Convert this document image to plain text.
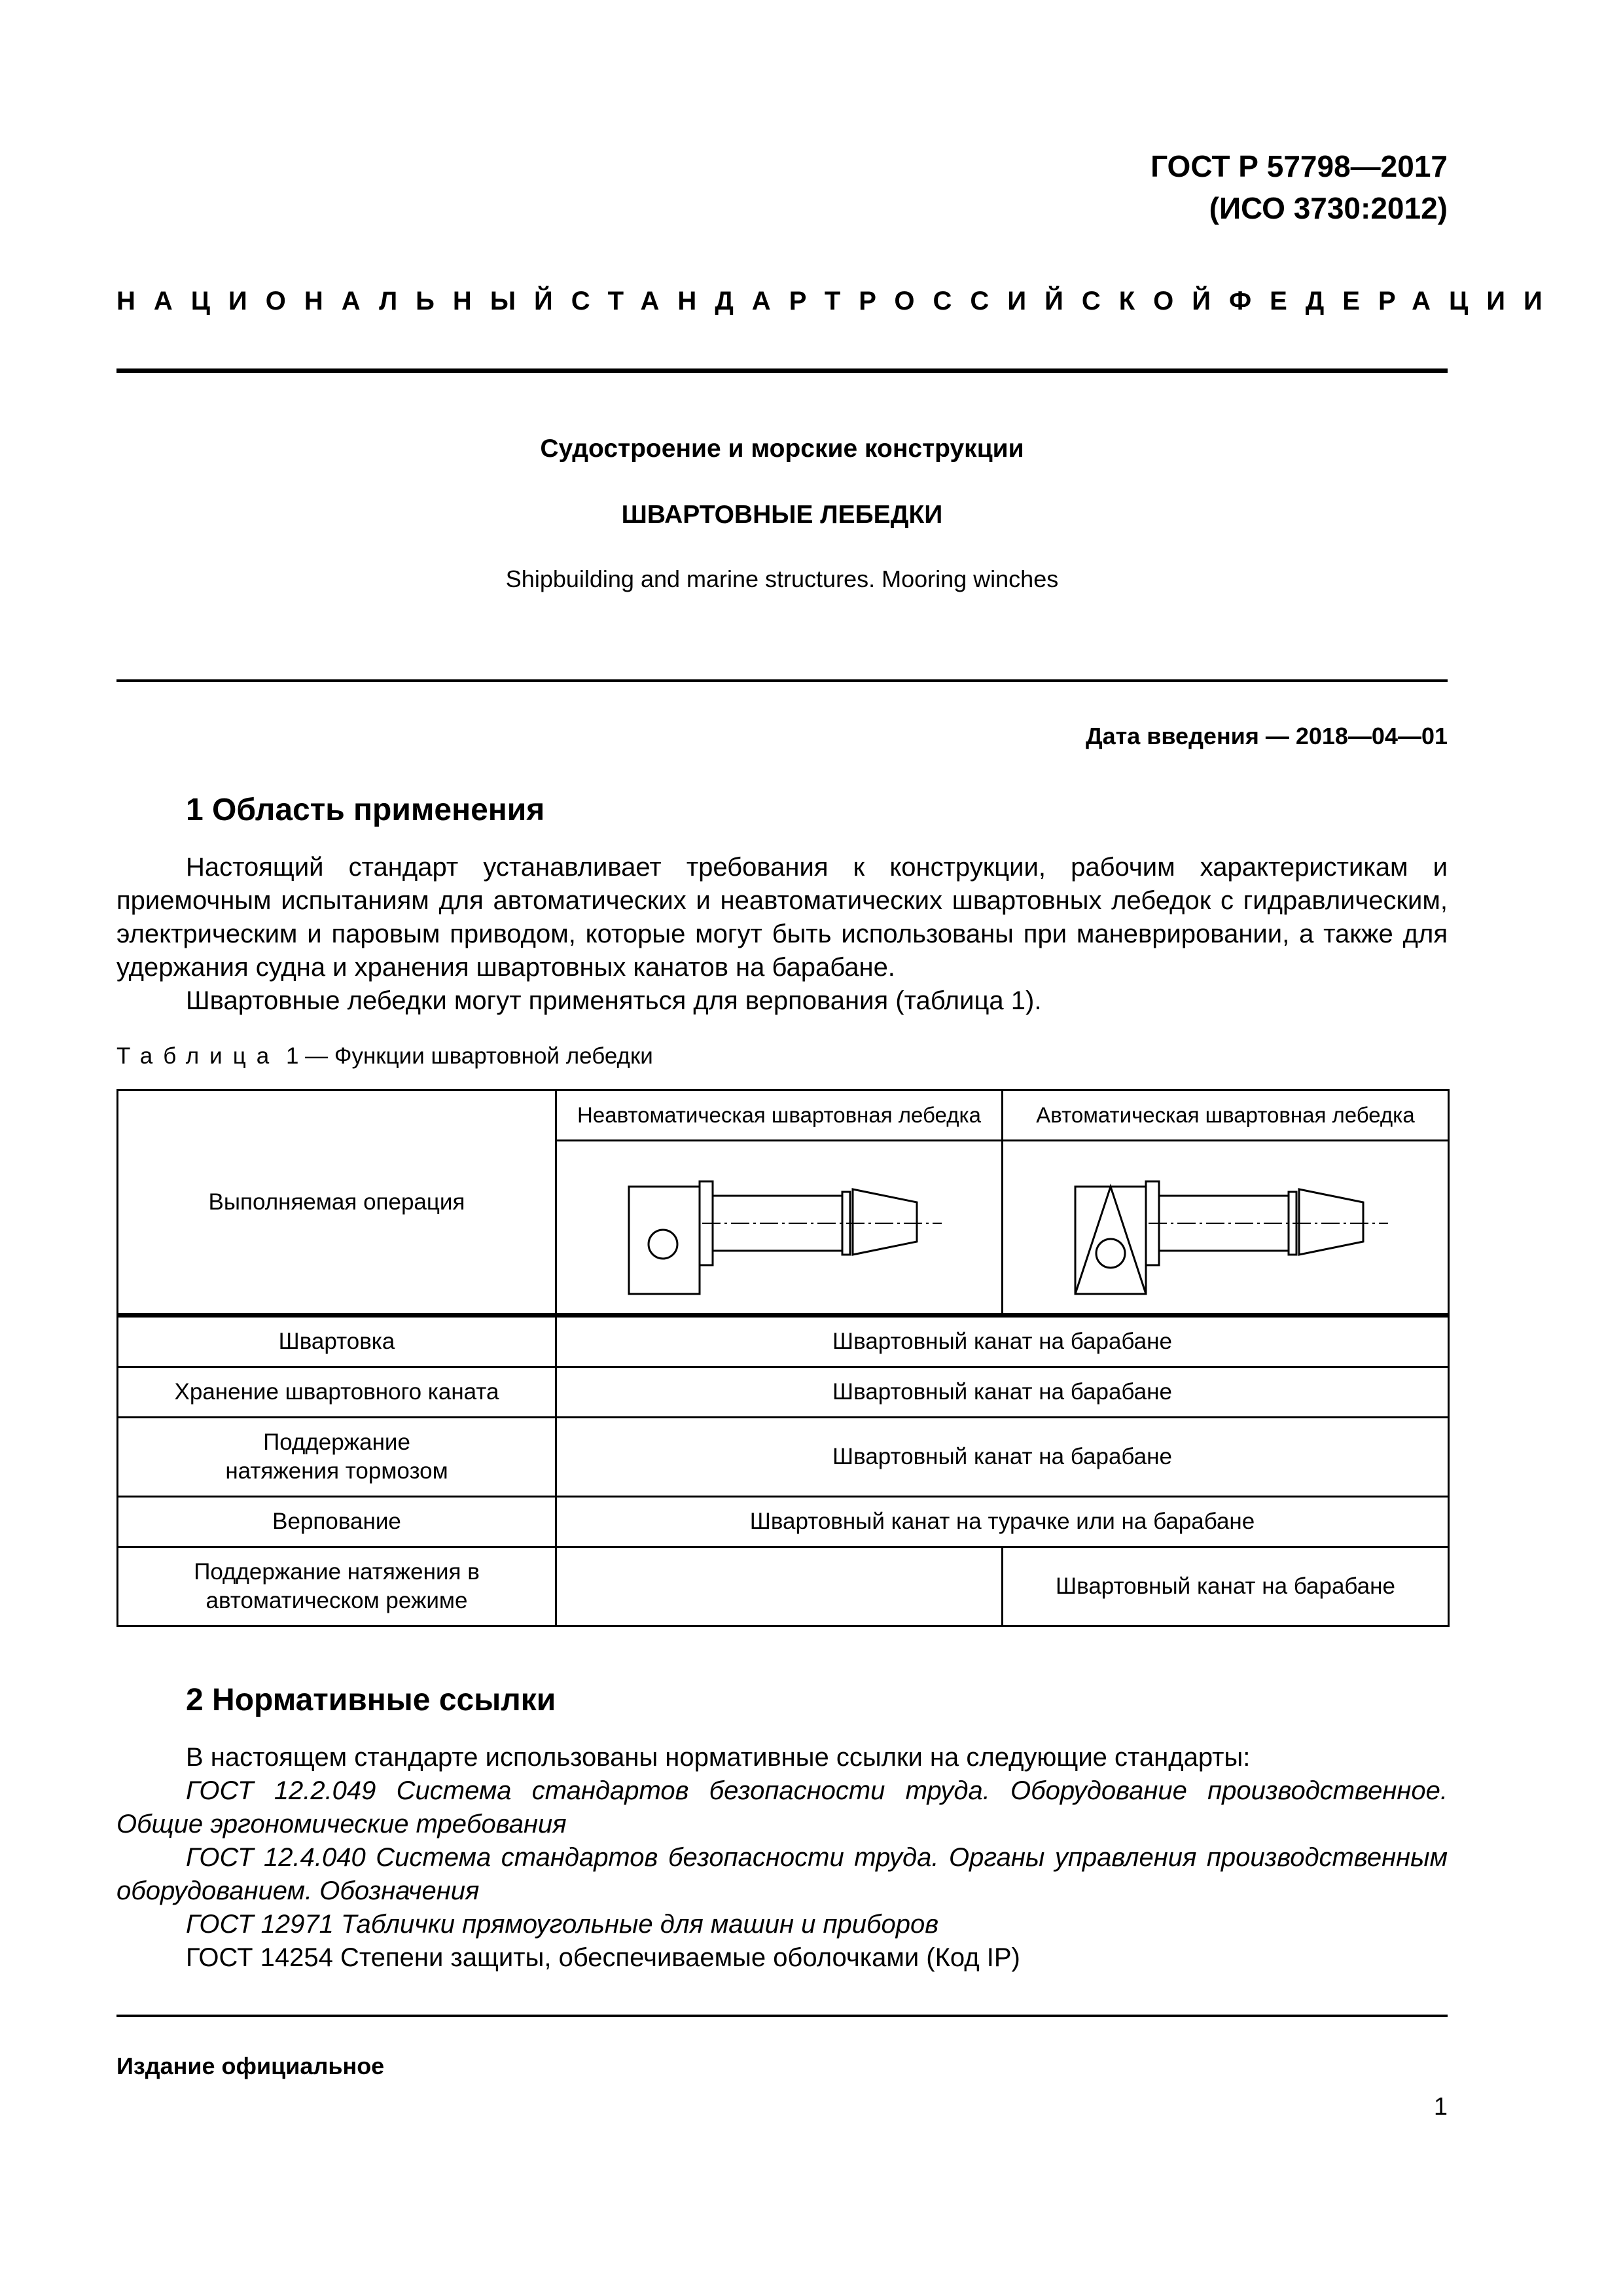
ГОСТ Р 57798—2017
(ИСО 3730:2012)
НАЦИОНАЛЬНЫЙ СТАНДАРТ РОССИЙСКОЙ ФЕДЕРАЦИИ
Судостроение и морские конструкции
ШВАРТОВНЫЕ ЛЕБЕДКИ
Shipbuilding and marine structures. Mooring winches
Дата введения — 2018—04—01
1 Область применения

Настоящий стандарт устанавливает требования к конструкции, рабочим характеристикам и приемочным испытаниям для автоматических и неавтоматических швартовных лебедок с гидравлическим, электрическим и паровым приводом, которые могут быть использованы при маневрировании, а также для удержания судна и хранения швартовных канатов на барабане.

Швартовные лебедки могут применяться для верпования (таблица 1).

Таблица 1 — Функции швартовной лебедки
Выполняемая операция	Неавтоматическая швартовная лебедка	Автоматическая швартовная лебедка

Швартовка	Швартовный канат на барабане	
Хранение швартовного каната	Швартовный канат на барабане	
Поддержание натяжения тормозом	Швартовный канат на барабане	
Верпование	Швартовный канат на турачке или на барабане	
Поддержание натяжения в автоматическом режиме		Швартовный канат на барабане
2 Нормативные ссылки

В настоящем стандарте использованы нормативные ссылки на следующие стандарты:

ГОСТ 12.2.049 Система стандартов безопасности труда. Оборудование производственное. Общие эргономические требования

ГОСТ 12.4.040 Система стандартов безопасности труда. Органы управления производственным оборудованием. Обозначения

ГОСТ 12971 Таблички прямоугольные для машин и приборов

ГОСТ 14254 Степени защиты, обеспечиваемые оболочками (Код IP)

Издание официальное
1
